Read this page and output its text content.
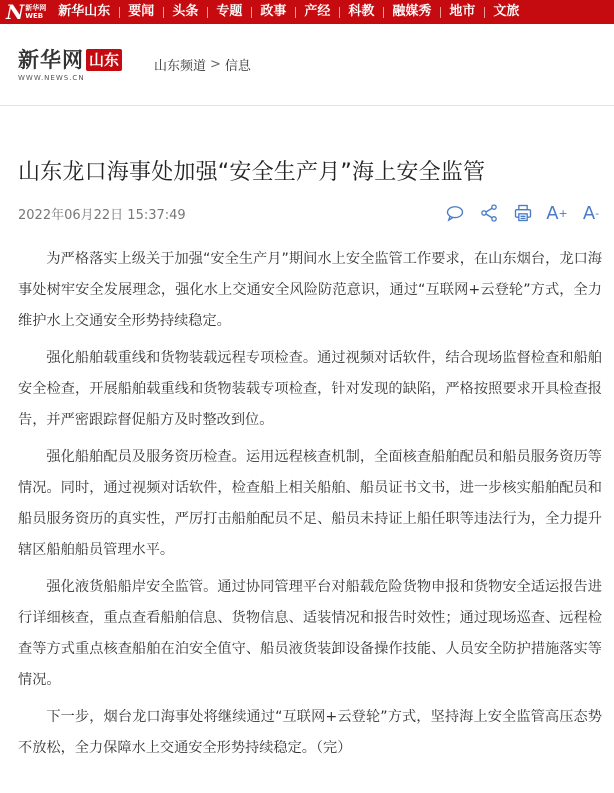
N 新华网
WEB 新华山东	要闻	头条	专题	政事	产经	科教	融媒秀	地市	文旅
新华网 山东
WWW.NEWS.CN
山东频道 > 信息
山东龙口海事处加强“安全生产月”海上安全监管
2022年06月22日 15:37:49	A + A -

为严格落实上级关于加强“安全生产月”期间水上安全监管工作要求，在山东烟台，龙口海事处树牢安全发展理念，强化水上交通安全风险防范意识，通过“互联网+云登轮”方式，全力维护水上交通安全形势持续稳定。

强化船舶载重线和货物装载远程专项检查。通过视频对话软件，结合现场监督检查和船舶安全检查，开展船舶载重线和货物装载专项检查，针对发现的缺陷，严格按照要求开具检查报告，并严密跟踪督促船方及时整改到位。

强化船舶配员及服务资历检查。运用远程核查机制，全面核查船舶配员和船员服务资历等情况。同时，通过视频对话软件，检查船上相关船舶、船员证书文书，进一步核实船舶配员和船员服务资历的真实性，严厉打击船舶配员不足、船员未持证上船任职等违法行为，全力提升辖区船舶船员管理水平。

强化液货船船岸安全监管。通过协同管理平台对船载危险货物申报和货物安全适运报告进行详细核查，重点查看船舶信息、货物信息、适装情况和报告时效性；通过现场巡查、远程检查等方式重点核查船舶在泊安全值守、船员液货装卸设备操作技能、人员安全防护措施落实等情况。

下一步，烟台龙口海事处将继续通过“互联网+云登轮”方式，坚持海上安全监管高压态势不放松，全力保障水上交通安全形势持续稳定。（完）
